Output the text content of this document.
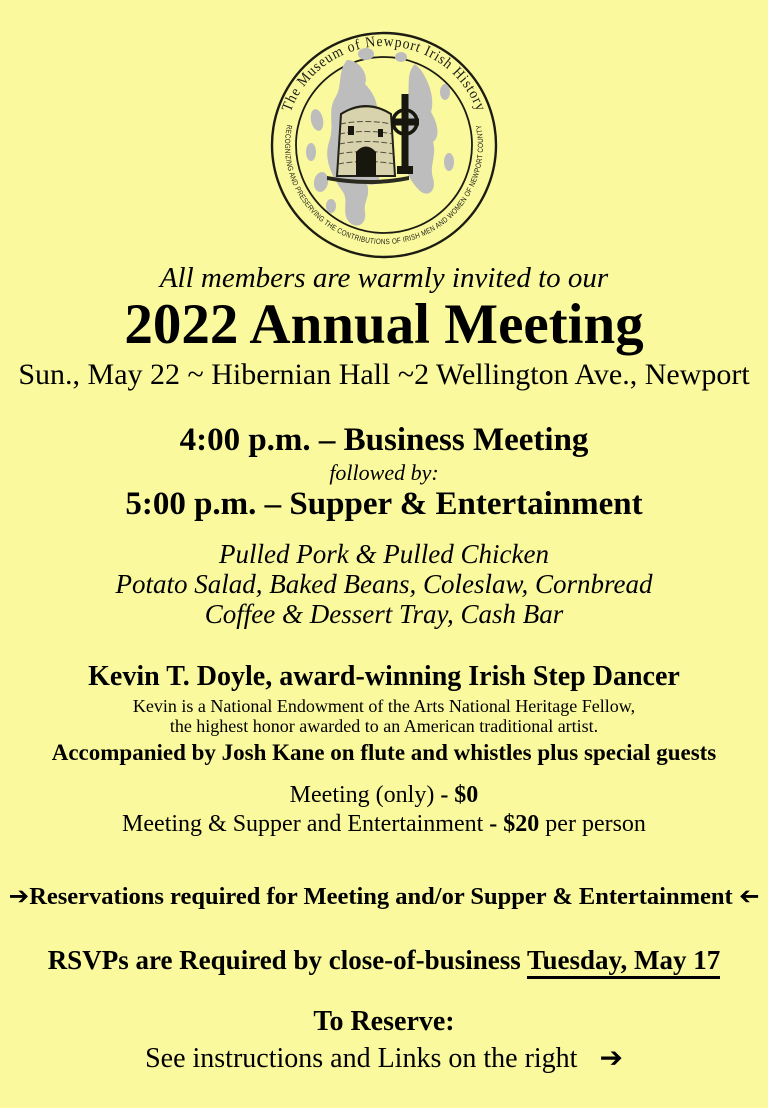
The Museum of Newport Irish History
RECOGNIZING AND PRESERVING THE CONTRIBUTIONS OF IRISH MEN AND WOMEN OF NEWPORT COUNTY
All members are warmly invited to our
2022 Annual Meeting
Sun., May 22 ~ Hibernian Hall ~2 Wellington Ave., Newport
4:00 p.m. – Business Meeting
followed by:
5:00 p.m. – Supper & Entertainment
Pulled Pork & Pulled Chicken
Potato Salad, Baked Beans, Coleslaw, Cornbread
Coffee & Dessert Tray, Cash Bar
Kevin T. Doyle, award-winning Irish Step Dancer
Kevin is a National Endowment of the Arts National Heritage Fellow,
the highest honor awarded to an American traditional artist.
Accompanied by Josh Kane on flute and whistles plus special guests
Meeting (only) - $0
Meeting & Supper and Entertainment - $20 per person
➔Reservations required for Meeting and/or Supper & Entertainment ➔
RSVPs are Required by close-of-business Tuesday, May 17
To Reserve:
See instructions and Links on the right ➔
